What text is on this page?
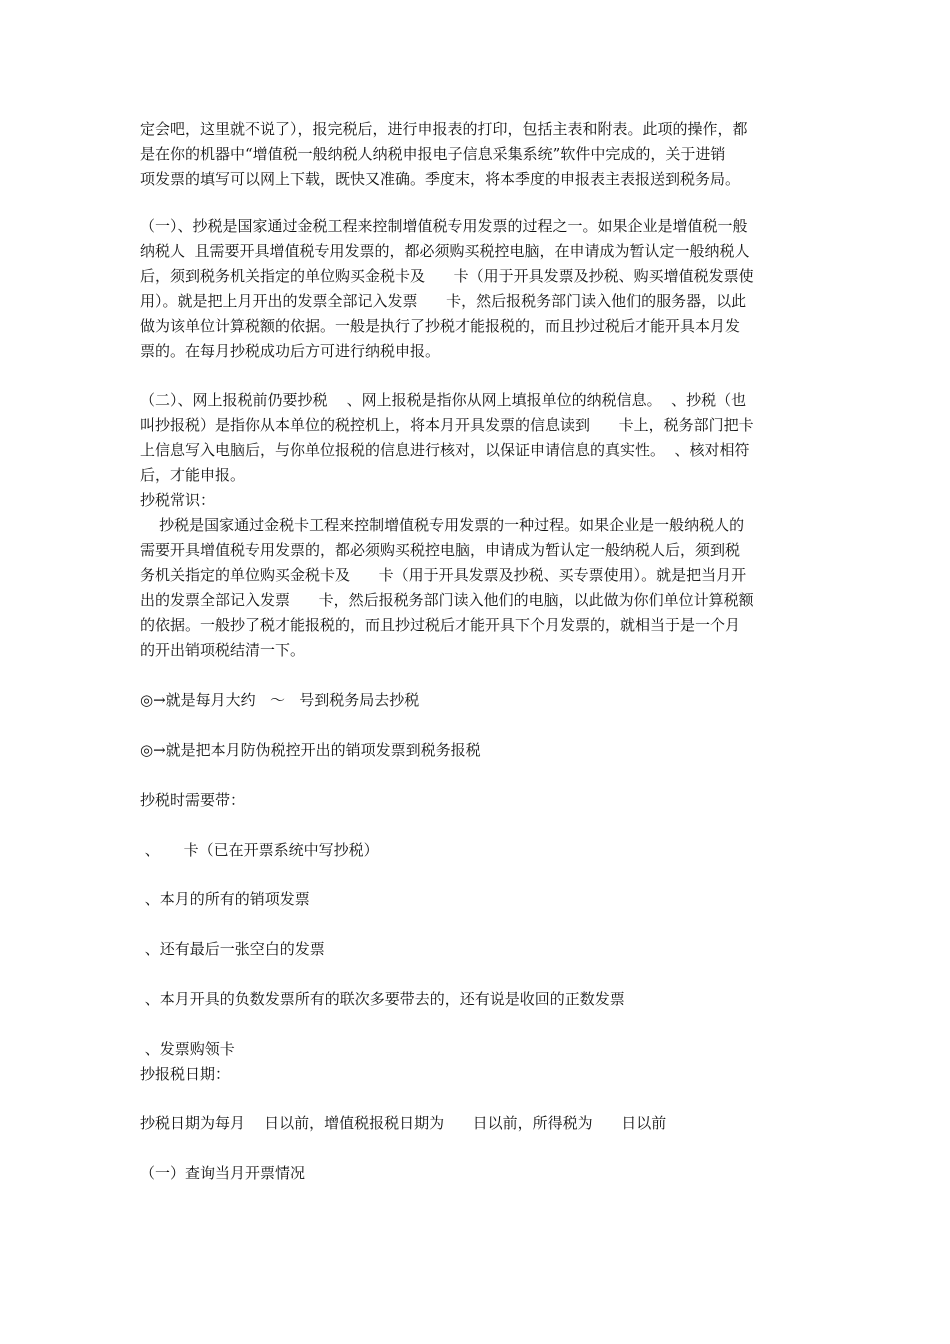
定会吧，这里就不说了），报完税后，进行申报表的打印，包括主表和附表。此项的操作，都
是在你的机器中“增值税一般纳税人纳税申报电子信息采集系统”软件中完成的，关于进销
项发票的填写可以网上下载，既快又准确。季度末，将本季度的申报表主表报送到税务局。
（一）、抄税是国家通过金税工程来控制增值税专用发票的过程之一。如果企业是增值税一般
纳税人  且需要开具增值税专用发票的，都必须购买税控电脑，在申请成为暂认定一般纳税人
后，须到税务机关指定的单位购买金税卡及      卡（用于开具发票及抄税、购买增值税发票使
用）。就是把上月开出的发票全部记入发票      卡，然后报税务部门读入他们的服务器，以此
做为该单位计算税额的依据。一般是执行了抄税才能报税的，而且抄过税后才能开具本月发
票的。在每月抄税成功后方可进行纳税申报。
（二）、网上报税前仍要抄税    、网上报税是指你从网上填报单位的纳税信息。  、抄税（也
叫抄报税）是指你从本单位的税控机上，将本月开具发票的信息读到      卡上，税务部门把卡
上信息写入电脑后，与你单位报税的信息进行核对，以保证申请信息的真实性。  、核对相符
后，才能申报。
抄税常识：
抄税是国家通过金税卡工程来控制增值税专用发票的一种过程。如果企业是一般纳税人的
需要开具增值税专用发票的，都必须购买税控电脑，申请成为暂认定一般纳税人后，须到税
务机关指定的单位购买金税卡及      卡（用于开具发票及抄税、买专票使用）。就是把当月开
出的发票全部记入发票      卡，然后报税务部门读入他们的电脑，以此做为你们单位计算税额
的依据。一般抄了税才能报税的，而且抄过税后才能开具下个月发票的，就相当于是一个月
的开出销项税结清一下。
◎→就是每月大约   ～   号到税务局去抄税
◎→就是把本月防伪税控开出的销项发票到税务报税
抄税时需要带：
、     卡（已在开票系统中写抄税）
、本月的所有的销项发票
、还有最后一张空白的发票
、本月开具的负数发票所有的联次多要带去的，还有说是收回的正数发票
、发票购领卡
抄报税日期：
抄税日期为每月    日以前，增值税报税日期为      日以前，所得税为      日以前
（一）查询当月开票情况
